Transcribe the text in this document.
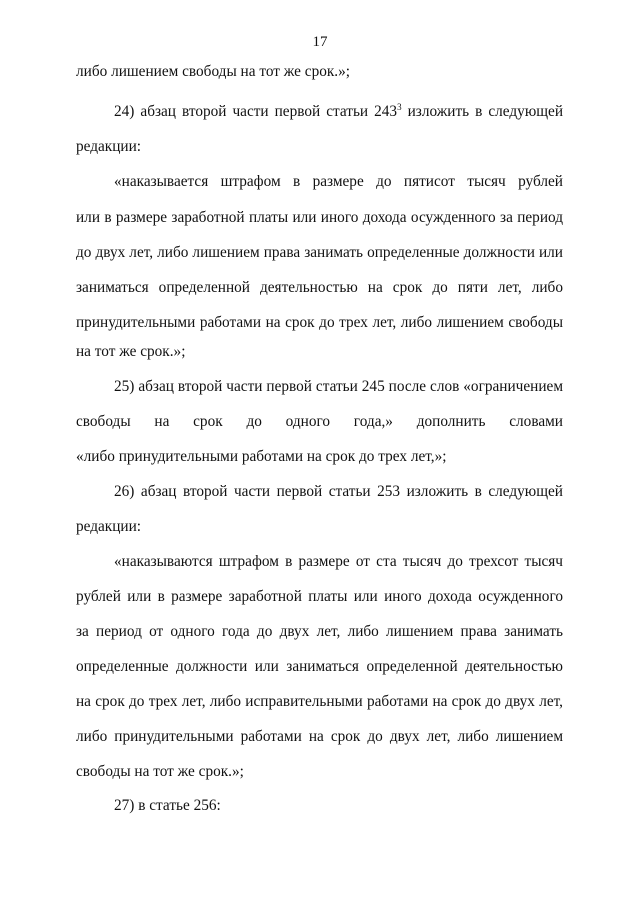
17
либо лишением свободы на тот же срок.»;
24) абзац второй части первой статьи $243^3$ изложить в следующей
редакции:
«наказывается штрафом в размере до пятисот тысяч рублей
или в размере заработной платы или иного дохода осужденного за период
до двух лет, либо лишением права занимать определенные должности или
заниматься определенной деятельностью на срок до пяти лет, либо
принудительными работами на срок до трех лет, либо лишением свободы
на тот же срок.»;
25) абзац второй части первой статьи 245 после слов «ограничением
свободы на срок до одного года,» дополнить словами
«либо принудительными работами на срок до трех лет,»;
26) абзац второй части первой статьи 253 изложить в следующей
редакции:
«наказываются штрафом в размере от ста тысяч до трехсот тысяч
рублей или в размере заработной платы или иного дохода осужденного
за период от одного года до двух лет, либо лишением права занимать
определенные должности или заниматься определенной деятельностью
на срок до трех лет, либо исправительными работами на срок до двух лет,
либо принудительными работами на срок до двух лет, либо лишением
свободы на тот же срок.»;
27) в статье 256:
